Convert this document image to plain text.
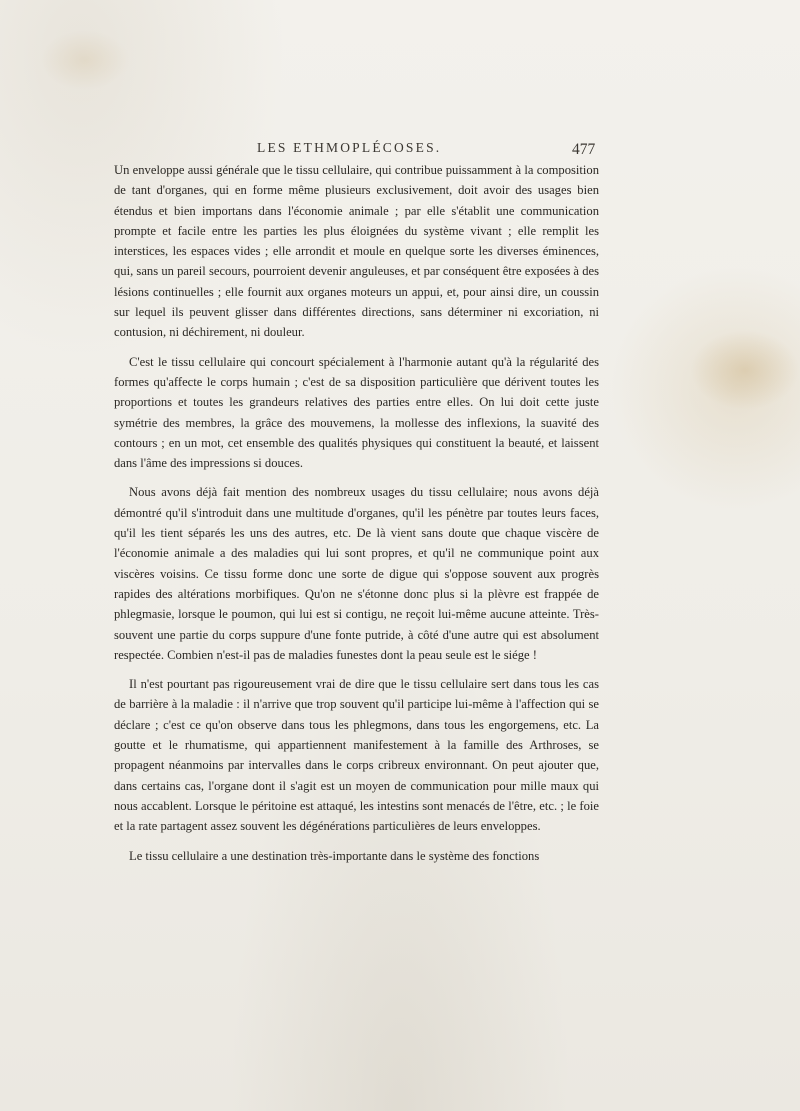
LES ETHMOPLÉCOSES.	477

Un enveloppe aussi générale que le tissu cellulaire, qui contribue puissamment à la composition de tant d'organes, qui en forme même plusieurs exclusivement, doit avoir des usages bien étendus et bien importans dans l'économie animale ; par elle s'établit une communication prompte et facile entre les parties les plus éloignées du système vivant ; elle remplit les interstices, les espaces vides ; elle arrondit et moule en quelque sorte les diverses éminences, qui, sans un pareil secours, pourroient devenir anguleuses, et par conséquent être exposées à des lésions continuelles ; elle fournit aux organes moteurs un appui, et, pour ainsi dire, un coussin sur lequel ils peuvent glisser dans différentes directions, sans déterminer ni excoriation, ni contusion, ni déchirement, ni douleur.

C'est le tissu cellulaire qui concourt spécialement à l'harmonie autant qu'à la régularité des formes qu'affecte le corps humain ; c'est de sa disposition particulière que dérivent toutes les proportions et toutes les grandeurs relatives des parties entre elles. On lui doit cette juste symétrie des membres, la grâce des mouvemens, la mollesse des inflexions, la suavité des contours ; en un mot, cet ensemble des qualités physiques qui constituent la beauté, et laissent dans l'âme des impressions si douces.

Nous avons déjà fait mention des nombreux usages du tissu cellulaire; nous avons déjà démontré qu'il s'introduit dans une multitude d'organes, qu'il les pénètre par toutes leurs faces, qu'il les tient séparés les uns des autres, etc. De là vient sans doute que chaque viscère de l'économie animale a des maladies qui lui sont propres, et qu'il ne communique point aux viscères voisins. Ce tissu forme donc une sorte de digue qui s'oppose souvent aux progrès rapides des altérations morbifiques. Qu'on ne s'étonne donc plus si la plèvre est frappée de phlegmasie, lorsque le poumon, qui lui est si contigu, ne reçoit lui-même aucune atteinte. Très-souvent une partie du corps suppure d'une fonte putride, à côté d'une autre qui est absolument respectée. Combien n'est-il pas de maladies funestes dont la peau seule est le siége !

Il n'est pourtant pas rigoureusement vrai de dire que le tissu cellulaire sert dans tous les cas de barrière à la maladie : il n'arrive que trop souvent qu'il participe lui-même à l'affection qui se déclare ; c'est ce qu'on observe dans tous les phlegmons, dans tous les engorgemens, etc. La goutte et le rhumatisme, qui appartiennent manifestement à la famille des Arthroses, se propagent néanmoins par intervalles dans le corps cribreux environnant. On peut ajouter que, dans certains cas, l'organe dont il s'agit est un moyen de communication pour mille maux qui nous accablent. Lorsque le péritoine est attaqué, les intestins sont menacés de l'être, etc. ; le foie et la rate partagent assez souvent les dégénérations particulières de leurs enveloppes.

Le tissu cellulaire a une destination très-importante dans le système des fonctions
